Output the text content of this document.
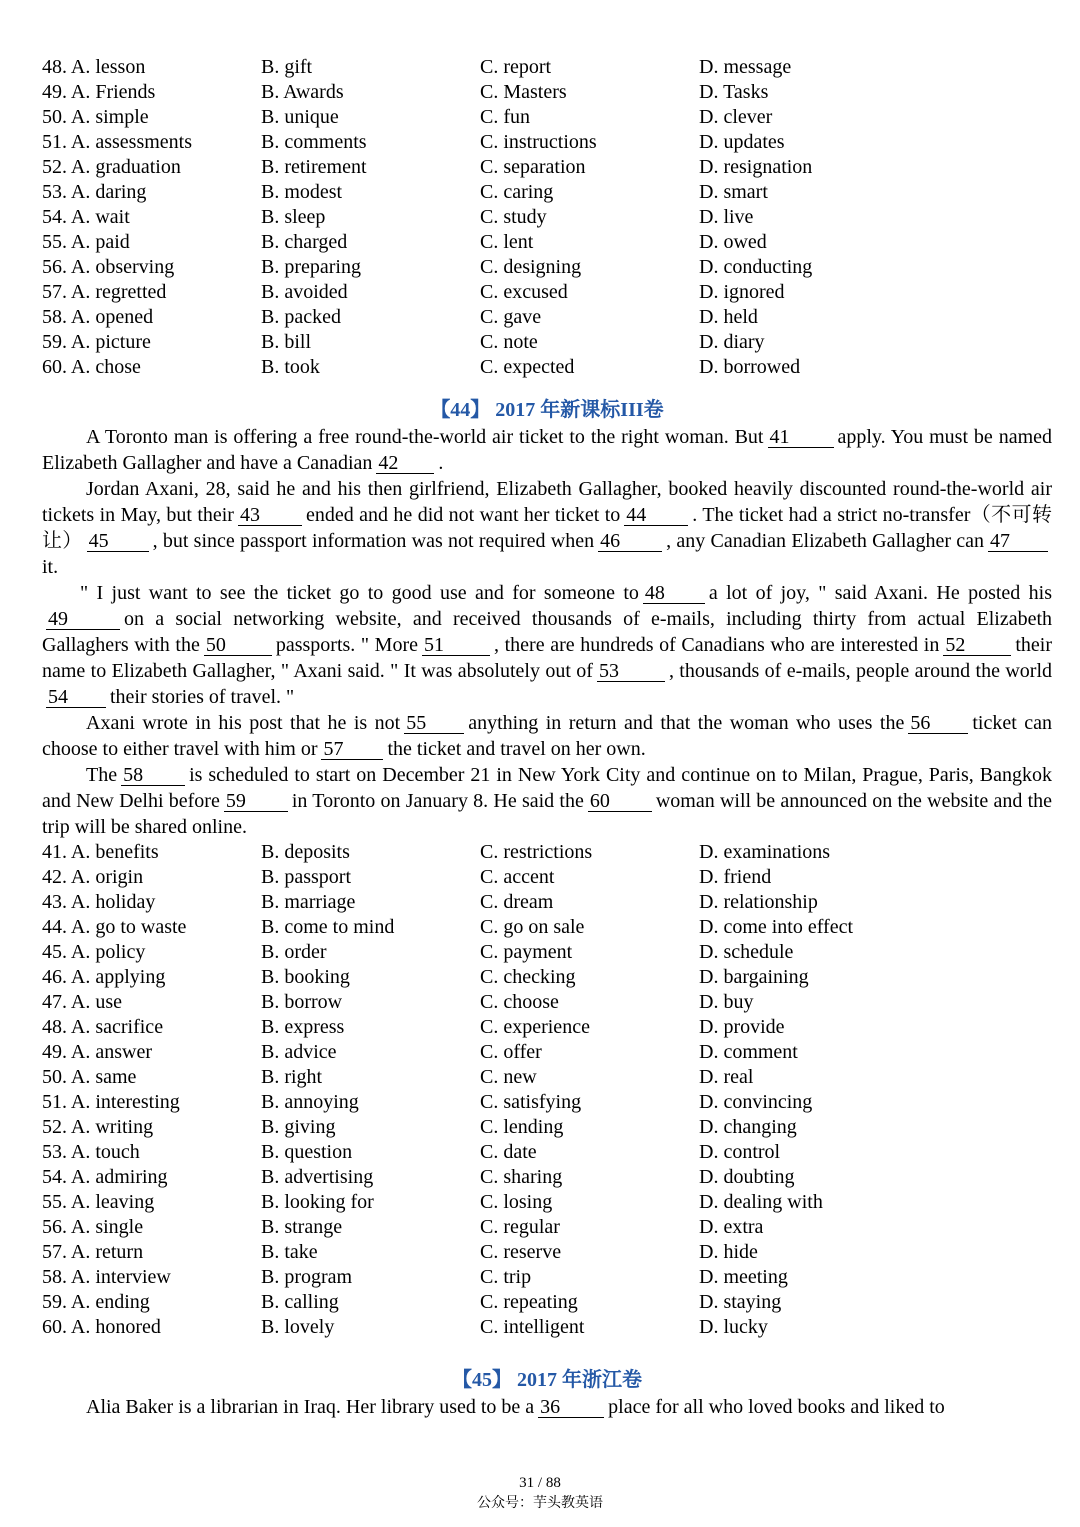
48. A. lesson	B. gift	C. report	D. message
49. A. Friends	B. Awards	C. Masters	D. Tasks
50. A. simple	B. unique	C. fun	D. clever
51. A. assessments	B. comments	C. instructions	D. updates
52. A. graduation	B. retirement	C. separation	D. resignation
53. A. daring	B. modest	C. caring	D. smart
54. A. wait	B. sleep	C. study	D. live
55. A. paid	B. charged	C. lent	D. owed
56. A. observing	B. preparing	C. designing	D. conducting
57. A. regretted	B. avoided	C. excused	D. ignored
58. A. opened	B. packed	C. gave	D. held
59. A. picture	B. bill	C. note	D. diary
60. A. chose	B. took	C. expected	D. borrowed
【44】 2017 年新课标III卷

A Toronto man is offering a free round-the-world air ticket to the right woman. But 41 apply. You must be named Elizabeth Gallagher and have a Canadian 42 .

Jordan Axani, 28, said he and his then girlfriend, Elizabeth Gallagher, booked heavily discounted round-the-world air tickets in May, but their 43 ended and he did not want her ticket to 44 . The ticket had a strict no-transfer（不可转让） 45 , but since passport information was not required when 46 , any Canadian Elizabeth Gallagher can 47it.

" I just want to see the ticket go to good use and for someone to 48 a lot of joy, " said Axani. He posted his49	on a social networking website, and received thousands of e-mails, including thirty from actual Elizabeth Gallaghers with the 50	passports. " More 51	, there are hundreds of Canadians who are interested in 52	their name to Elizabeth Gallagher, " Axani said. " It was absolutely out of 53	, thousands of e-mails, people around the world54 their stories of travel. "

Axani wrote in his post that he is not 55 anything in return and that the woman who uses the 56 ticket can choose to either travel with him or 57 the ticket and travel on her own.

The 58 is scheduled to start on December 21 in New York City and continue on to Milan, Prague, Paris, Bangkok and New Delhi before 59 in Toronto on January 8. He said the 60 woman will be announced on the website and the trip will be shared online.

41. A. benefits	B. deposits	C. restrictions	D. examinations
42. A. origin	B. passport	C. accent	D. friend
43. A. holiday	B. marriage	C. dream	D. relationship
44. A. go to waste	B. come to mind	C. go on sale	D. come into effect
45. A. policy	B. order	C. payment	D. schedule
46. A. applying	B. booking	C. checking	D. bargaining
47. A. use	B. borrow	C. choose	D. buy
48. A. sacrifice	B. express	C. experience	D. provide
49. A. answer	B. advice	C. offer	D. comment
50. A. same	B. right	C. new	D. real
51. A. interesting	B. annoying	C. satisfying	D. convincing
52. A. writing	B. giving	C. lending	D. changing
53. A. touch	B. question	C. date	D. control
54. A. admiring	B. advertising	C. sharing	D. doubting
55. A. leaving	B. looking for	C. losing	D. dealing with
56. A. single	B. strange	C. regular	D. extra
57. A. return	B. take	C. reserve	D. hide
58. A. interview	B. program	C. trip	D. meeting
59. A. ending	B. calling	C. repeating	D. staying
60. A. honored	B. lovely	C. intelligent	D. lucky
【45】 2017 年浙江卷

Alia Baker is a librarian in Iraq. Her library used to be a 36 place for all who loved books and liked to

31 / 88
公众号：芋头教英语
